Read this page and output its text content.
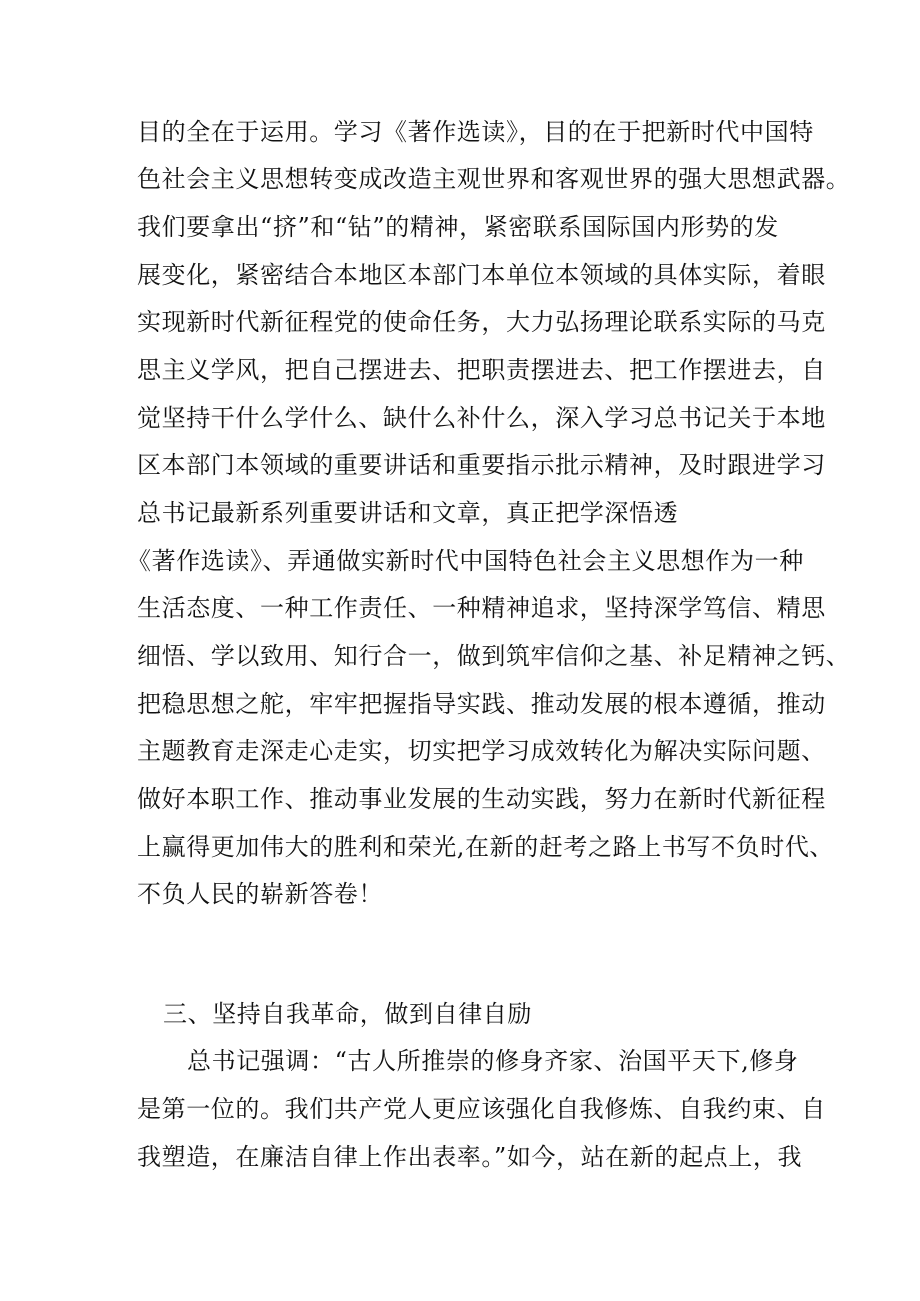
目的全在于运用。学习《著作选读》，目的在于把新时代中国特
色社会主义思想转变成改造主观世界和客观世界的强大思想武器。
我们要拿出“挤”和“钻”的精神，紧密联系国际国内形势的发
展变化，紧密结合本地区本部门本单位本领域的具体实际，着眼
实现新时代新征程党的使命任务，大力弘扬理论联系实际的马克
思主义学风，把自己摆进去、把职责摆进去、把工作摆进去，自
觉坚持干什么学什么、缺什么补什么，深入学习总书记关于本地
区本部门本领域的重要讲话和重要指示批示精神，及时跟进学习
总书记最新系列重要讲话和文章，真正把学深悟透
《著作选读》、弄通做实新时代中国特色社会主义思想作为一种
生活态度、一种工作责任、一种精神追求，坚持深学笃信、精思
细悟、学以致用、知行合一，做到筑牢信仰之基、补足精神之钙、
把稳思想之舵，牢牢把握指导实践、推动发展的根本遵循，推动
主题教育走深走心走实，切实把学习成效转化为解决实际问题、
做好本职工作、推动事业发展的生动实践，努力在新时代新征程
上赢得更加伟大的胜利和荣光,在新的赶考之路上书写不负时代、
不负人民的崭新答卷！
三、坚持自我革命，做到自律自励
总书记强调：“古人所推崇的修身齐家、治国平天下,修身
是第一位的。我们共产党人更应该强化自我修炼、自我约束、自
我塑造，在廉洁自律上作出表率。”如今，站在新的起点上，我
